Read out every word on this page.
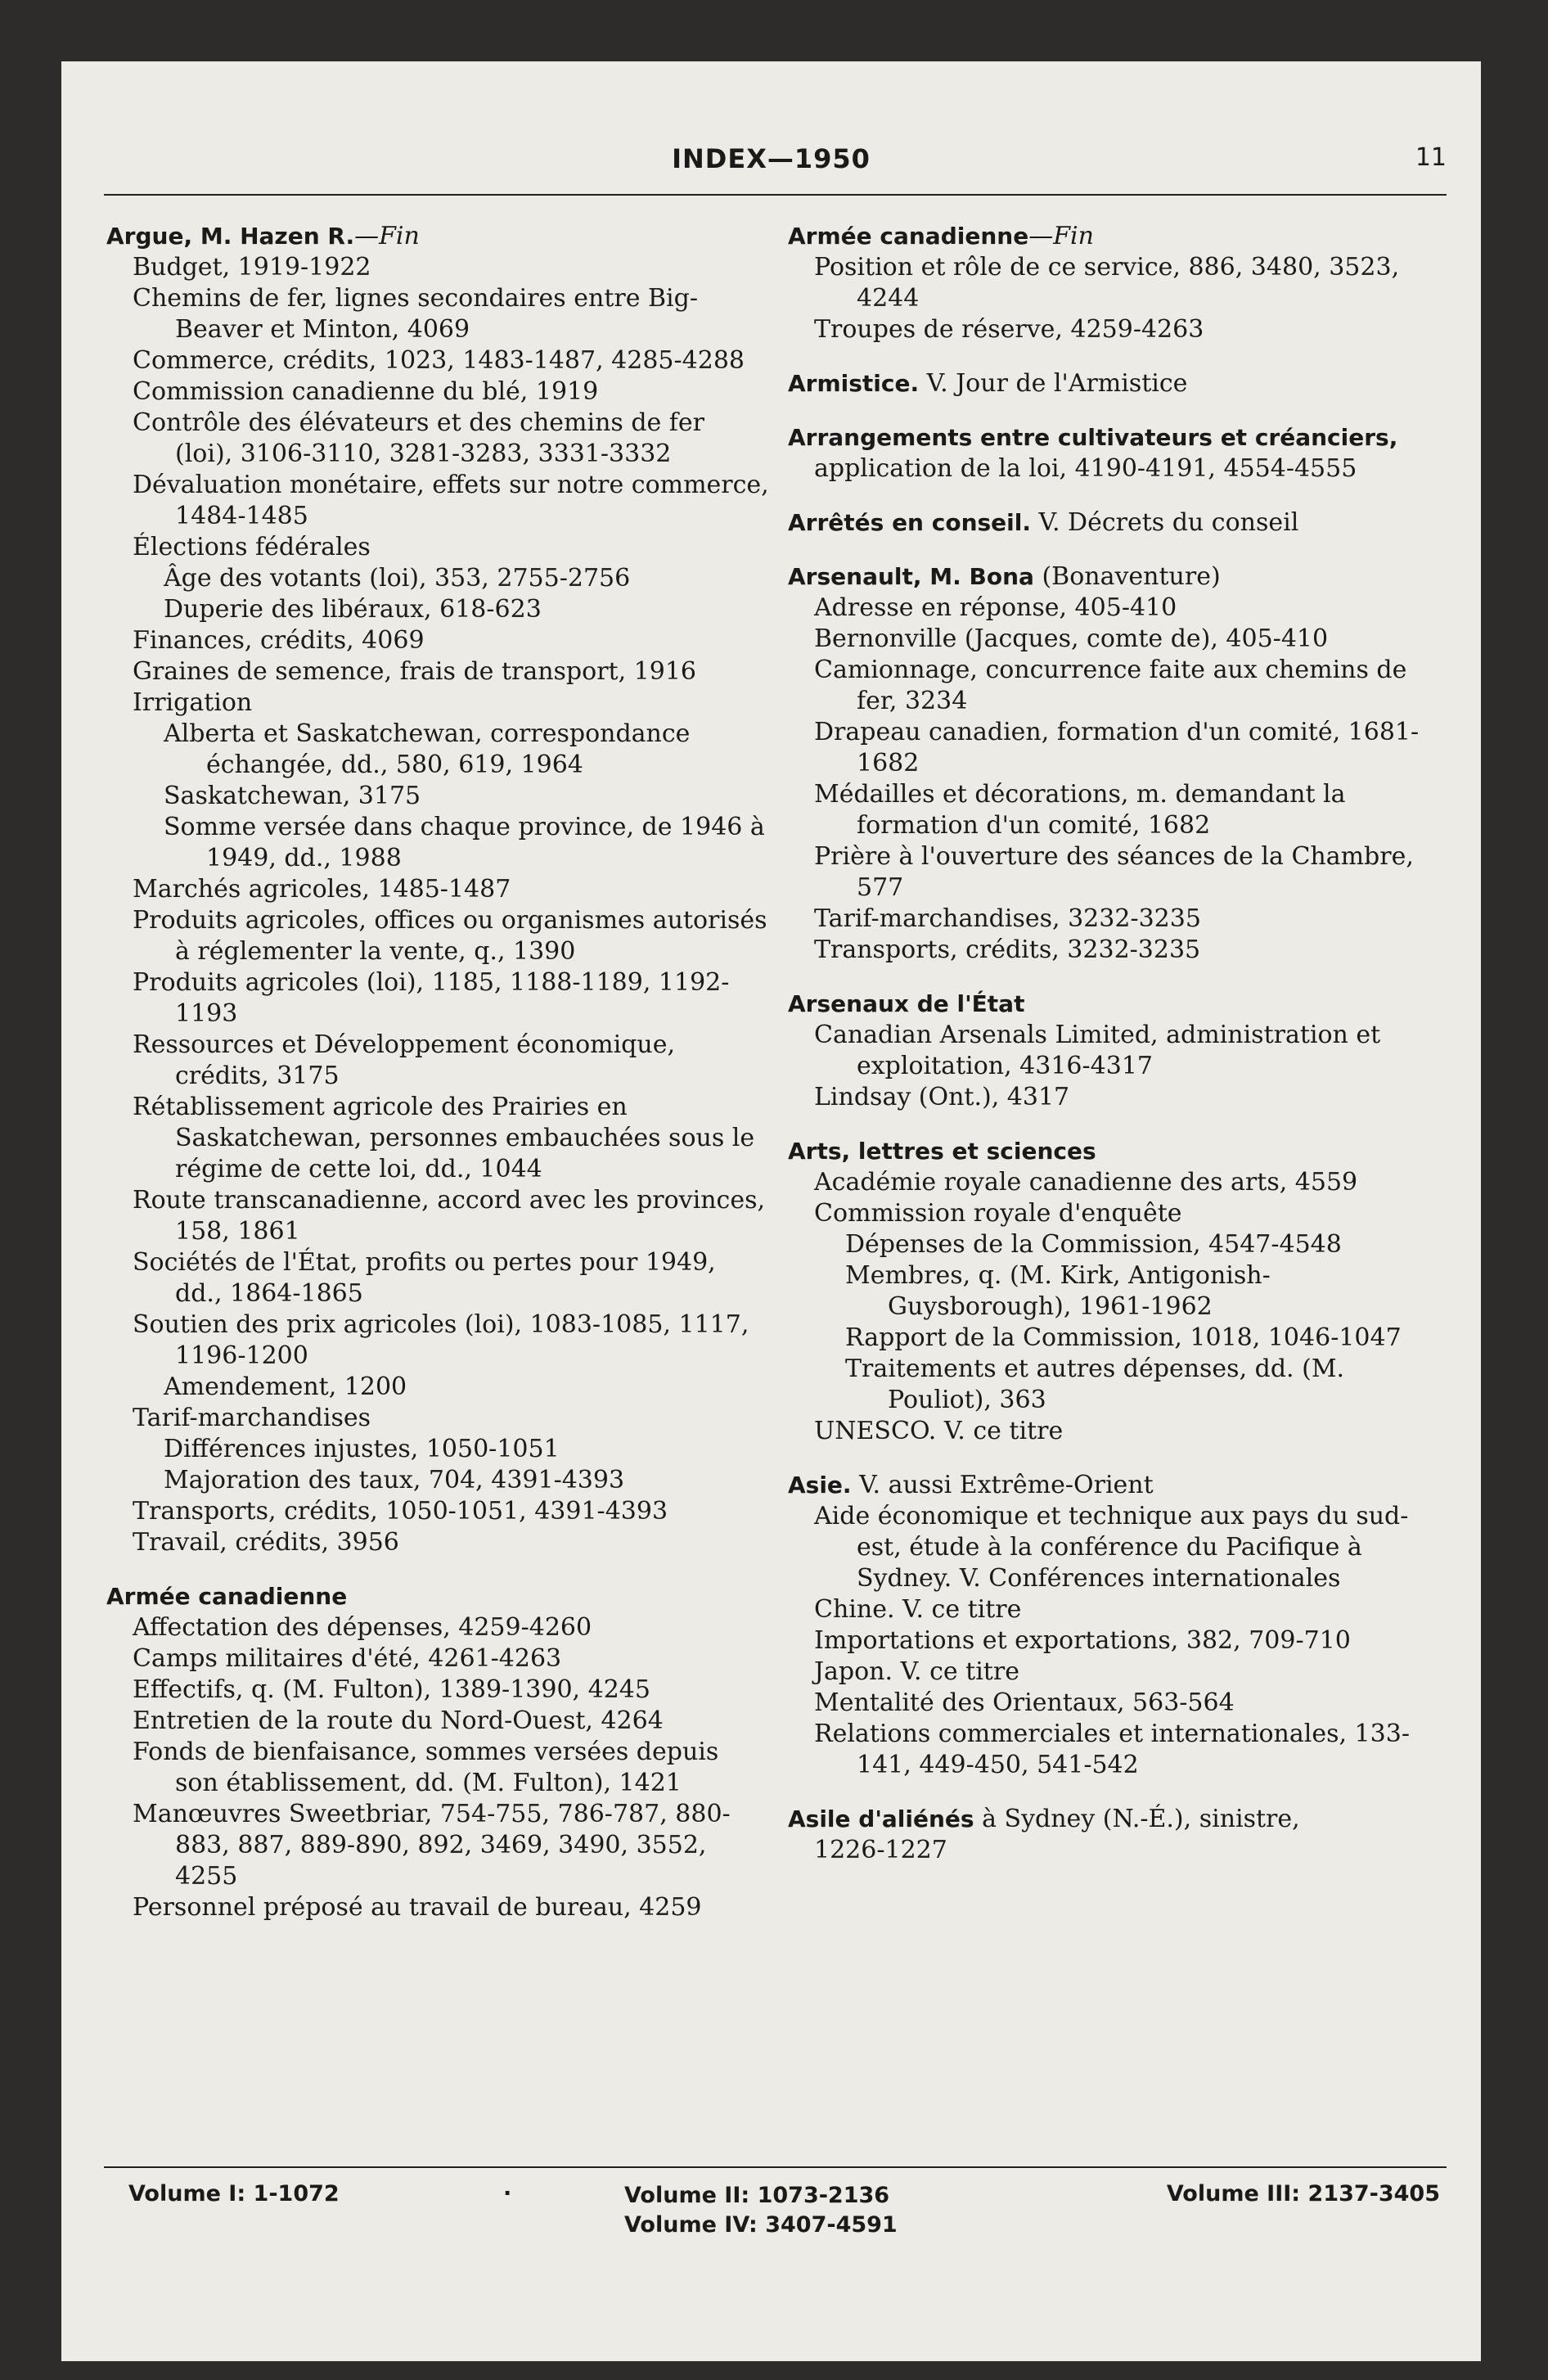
INDEX—1950	11
Argue, M. Hazen R.—Fin
Budget, 1919-1922
Chemins de fer, lignes secondaires entre Big-Beaver et Minton, 4069
Commerce, crédits, 1023, 1483-1487, 4285-4288
Commission canadienne du blé, 1919
Contrôle des élévateurs et des chemins de fer (loi), 3106-3110, 3281-3283, 3331-3332
Dévaluation monétaire, effets sur notre commerce, 1484-1485
Élections fédérales
Âge des votants (loi), 353, 2755-2756
Duperie des libéraux, 618-623
Finances, crédits, 4069
Graines de semence, frais de transport, 1916
Irrigation
Alberta et Saskatchewan, correspondance échangée, dd., 580, 619, 1964
Saskatchewan, 3175
Somme versée dans chaque province, de 1946 à 1949, dd., 1988
Marchés agricoles, 1485-1487
Produits agricoles, offices ou organismes autorisés à réglementer la vente, q., 1390
Produits agricoles (loi), 1185, 1188-1189, 1192-1193
Ressources et Développement économique, crédits, 3175
Rétablissement agricole des Prairies en Saskatchewan, personnes embauchées sous le régime de cette loi, dd., 1044
Route transcanadienne, accord avec les provinces, 158, 1861
Sociétés de l'État, profits ou pertes pour 1949, dd., 1864-1865
Soutien des prix agricoles (loi), 1083-1085, 1117, 1196-1200
Amendement, 1200
Tarif-marchandises
Différences injustes, 1050-1051
Majoration des taux, 704, 4391-4393
Transports, crédits, 1050-1051, 4391-4393
Travail, crédits, 3956
Armée canadienne
Affectation des dépenses, 4259-4260
Camps militaires d'été, 4261-4263
Effectifs, q. (M. Fulton), 1389-1390, 4245
Entretien de la route du Nord-Ouest, 4264
Fonds de bienfaisance, sommes versées depuis son établissement, dd. (M. Fulton), 1421
Manœuvres Sweetbriar, 754-755, 786-787, 880-883, 887, 889-890, 892, 3469, 3490, 3552, 4255
Personnel préposé au travail de bureau, 4259
Armée canadienne—Fin
Position et rôle de ce service, 886, 3480, 3523, 4244
Troupes de réserve, 4259-4263
Armistice. V. Jour de l'Armistice
Arrangements entre cultivateurs et créanciers,
application de la loi, 4190-4191, 4554-4555
Arrêtés en conseil. V. Décrets du conseil
Arsenault, M. Bona (Bonaventure)
Adresse en réponse, 405-410
Bernonville (Jacques, comte de), 405-410
Camionnage, concurrence faite aux chemins de fer, 3234
Drapeau canadien, formation d'un comité, 1681-1682
Médailles et décorations, m. demandant la formation d'un comité, 1682
Prière à l'ouverture des séances de la Chambre, 577
Tarif-marchandises, 3232-3235
Transports, crédits, 3232-3235
Arsenaux de l'État
Canadian Arsenals Limited, administration et exploitation, 4316-4317
Lindsay (Ont.), 4317
Arts, lettres et sciences
Académie royale canadienne des arts, 4559
Commission royale d'enquête
Dépenses de la Commission, 4547-4548
Membres, q. (M. Kirk, Antigonish-Guysborough), 1961-1962
Rapport de la Commission, 1018, 1046-1047
Traitements et autres dépenses, dd. (M. Pouliot), 363
UNESCO. V. ce titre
Asie. V. aussi Extrême-Orient
Aide économique et technique aux pays du sud-est, étude à la conférence du Pacifique à Sydney. V. Conférences internationales
Chine. V. ce titre
Importations et exportations, 382, 709-710
Japon. V. ce titre
Mentalité des Orientaux, 563-564
Relations commerciales et internationales, 133-141, 449-450, 541-542
Asile d'aliénés à Sydney (N.-É.), sinistre,
1226-1227
Volume I: 1-1072	·	Volume II: 1073-2136
Volume IV: 3407-4591
Volume III: 2137-3405
